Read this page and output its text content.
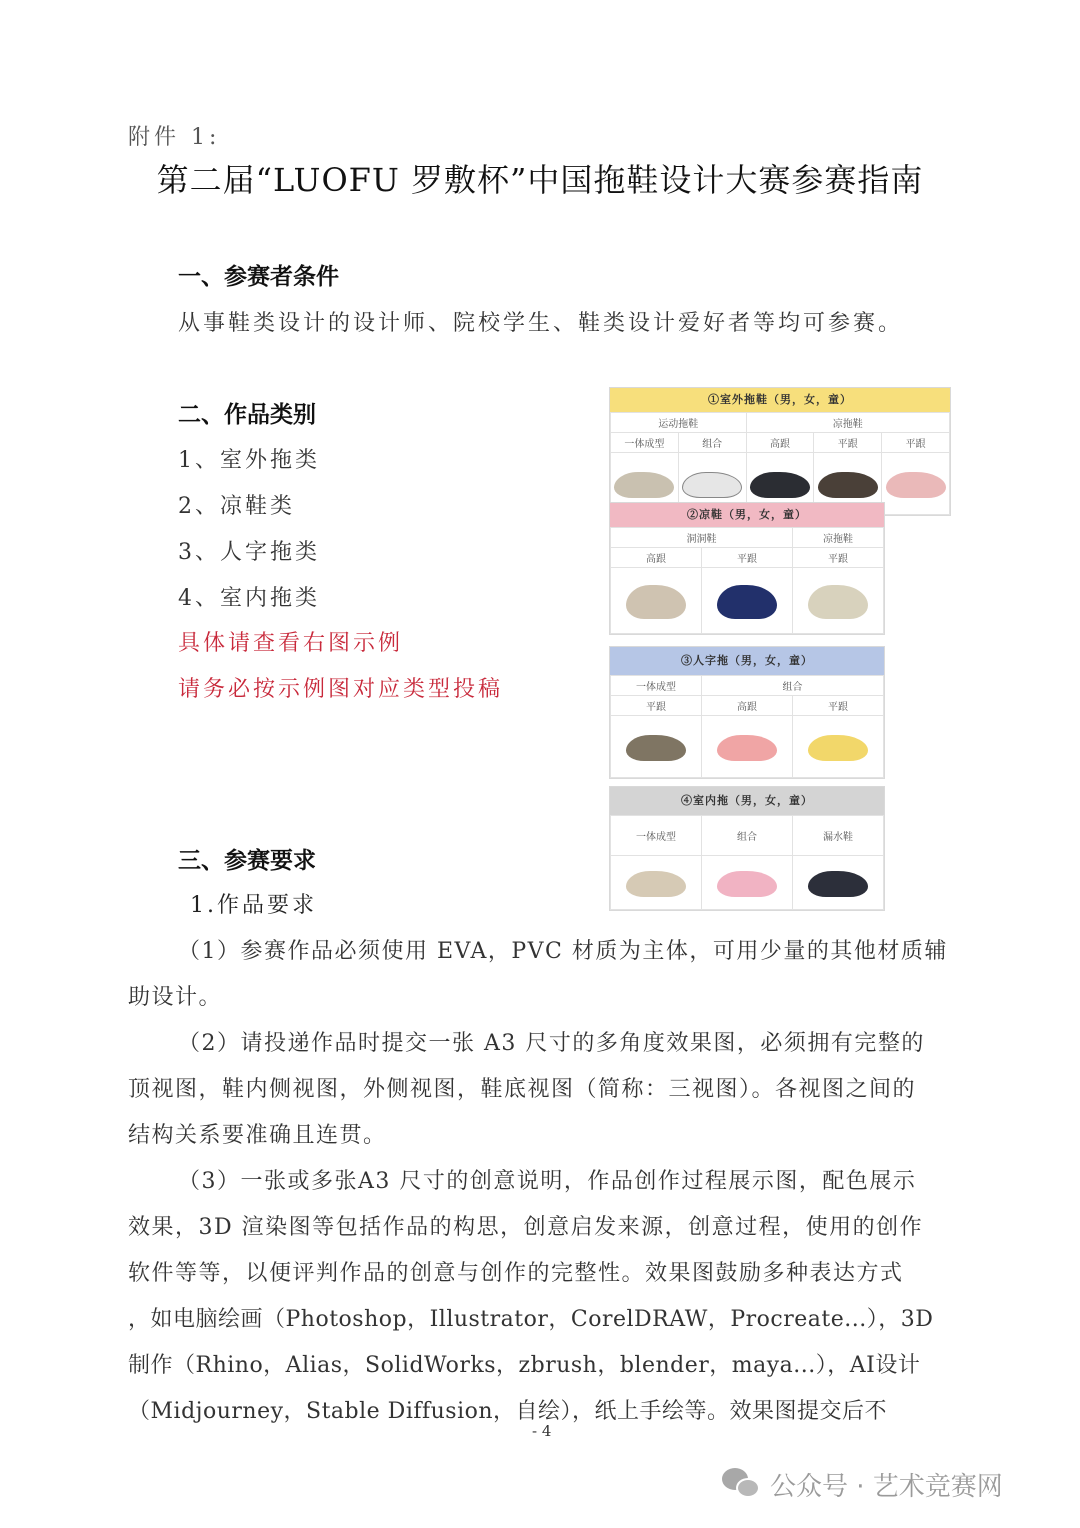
附件 1:
第二届“LUOFU 罗敷杯”中国拖鞋设计大赛参赛指南
一、参赛者条件
从事鞋类设计的设计师、院校学生、鞋类设计爱好者等均可参赛。
二、作品类别
1、室外拖类
2、凉鞋类
3、人字拖类
4、室内拖类
具体请查看右图示例
请务必按示例图对应类型投稿
①室外拖鞋（男，女，童）
运动拖鞋		凉拖鞋		
一体成型	组合	高跟	平跟	平跟

②凉鞋（男，女，童）
洞洞鞋		凉拖鞋
高跟	平跟	平跟

③人字拖（男，女，童）
一体成型	组合	
平跟	高跟	平跟

④室内拖（男，女，童）
一体成型	组合	漏水鞋

三、参赛要求
1.作品要求
（1）参赛作品必须使用 EVA，PVC 材质为主体，可用少量的其他材质辅
助设计。
（2）请投递作品时提交一张 A3 尺寸的多角度效果图，必须拥有完整的
顶视图，鞋内侧视图，外侧视图，鞋底视图（简称：三视图）。各视图之间的
结构关系要准确且连贯。
（3）一张或多张A3 尺寸的创意说明，作品创作过程展示图，配色展示
效果，3D 渲染图等包括作品的构思，创意启发来源，创意过程，使用的创作
软件等等，以便评判作品的创意与创作的完整性。效果图鼓励多种表达方式
，如电脑绘画（Photoshop，Illustrator，CorelDRAW，Procreate...），3D
制作（Rhino，Alias，SolidWorks，zbrush，blender，maya...），AI设计
（Midjourney，Stable Diffusion，自绘），纸上手绘等。效果图提交后不
- 4
公众号 · 艺术竞赛网
